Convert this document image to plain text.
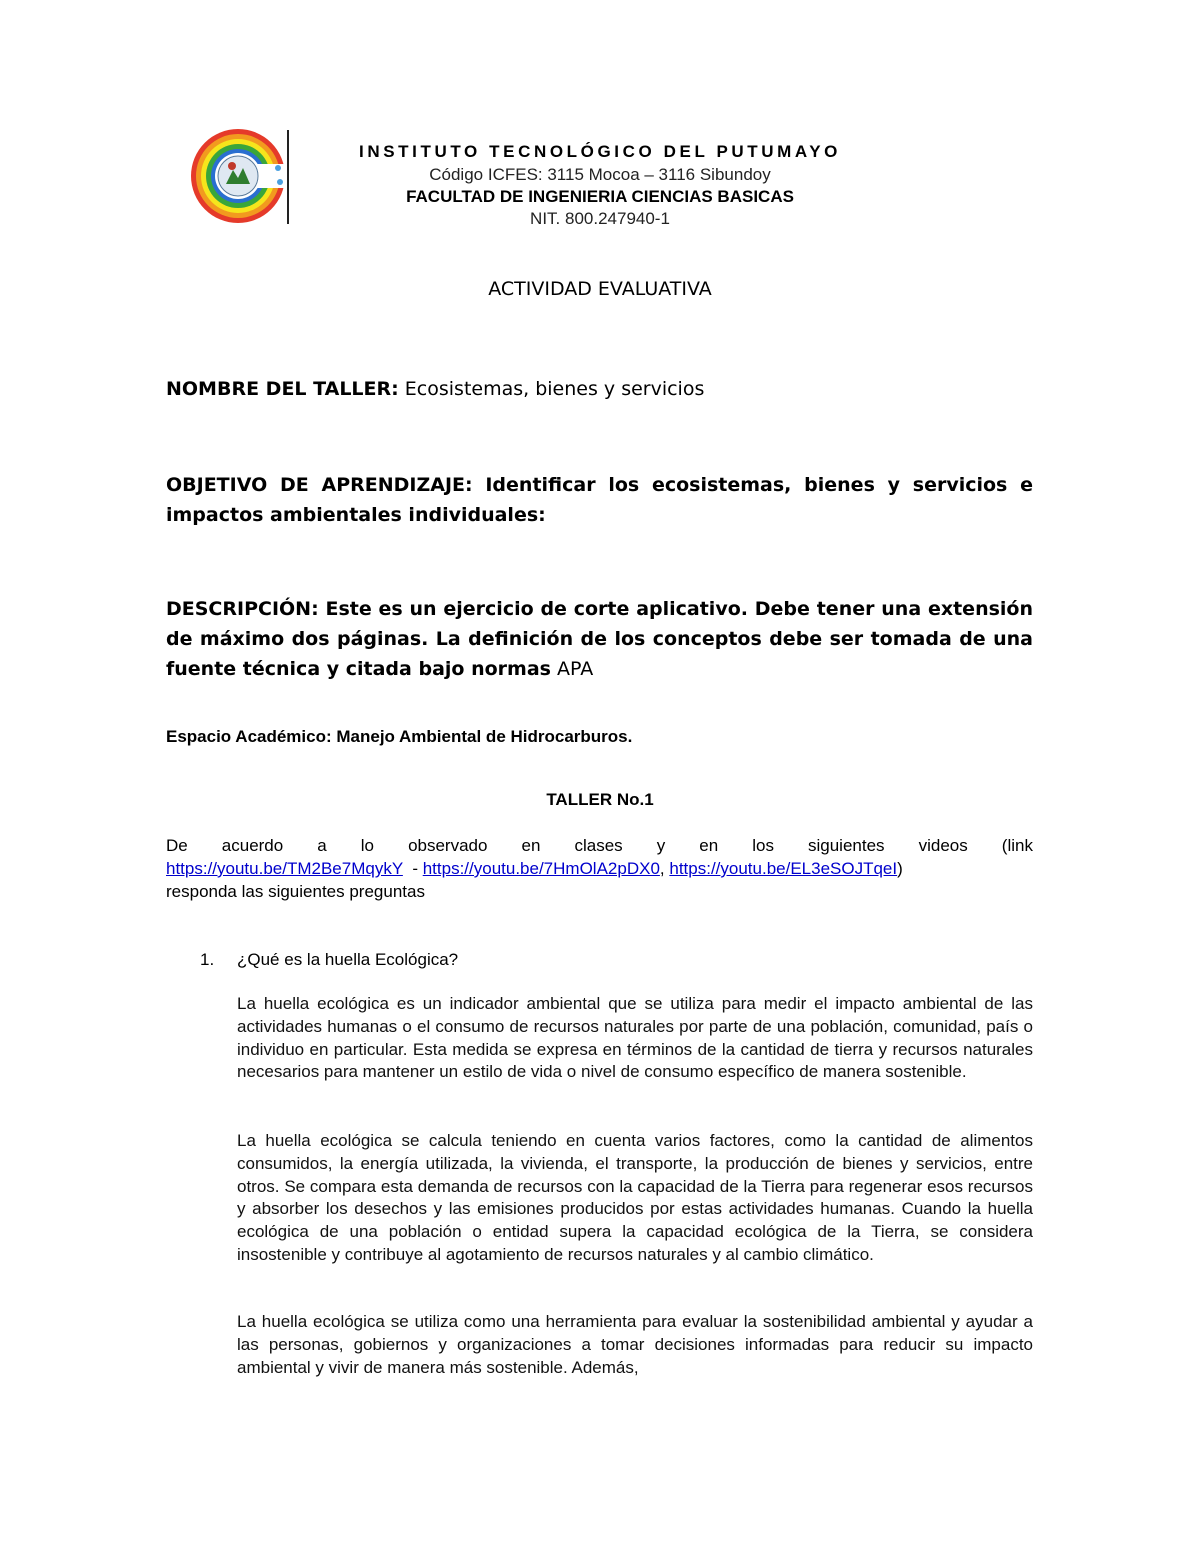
INSTITUTO TECNOLÓGICO DEL PUTUMAYO
Código ICFES: 3115 Mocoa – 3116 Sibundoy
FACULTAD DE INGENIERIA CIENCIAS BASICAS
NIT. 800.247940-1
ACTIVIDAD EVALUATIVA
NOMBRE DEL TALLER: Ecosistemas, bienes y servicios
OBJETIVO DE APRENDIZAJE: Identificar los ecosistemas, bienes y servicios e impactos ambientales individuales:
DESCRIPCIÓN: Este es un ejercicio de corte aplicativo. Debe tener una extensión de máximo dos páginas. La definición de los conceptos debe ser tomada de una fuente técnica y citada bajo normas APA
Espacio Académico: Manejo Ambiental de Hidrocarburos.
TALLER No.1
De acuerdo a lo observado en clases y en los siguientes videos (link
https://youtu.be/TM2Be7MqykY  - https://youtu.be/7HmOlA2pDX0, https://youtu.be/EL3eSOJTqeI)
responda las siguientes preguntas
1. ¿Qué es la huella Ecológica?
La huella ecológica es un indicador ambiental que se utiliza para medir el impacto ambiental de las actividades humanas o el consumo de recursos naturales por parte de una población, comunidad, país o individuo en particular. Esta medida se expresa en términos de la cantidad de tierra y recursos naturales necesarios para mantener un estilo de vida o nivel de consumo específico de manera sostenible.
La huella ecológica se calcula teniendo en cuenta varios factores, como la cantidad de alimentos consumidos, la energía utilizada, la vivienda, el transporte, la producción de bienes y servicios, entre otros. Se compara esta demanda de recursos con la capacidad de la Tierra para regenerar esos recursos y absorber los desechos y las emisiones producidos por estas actividades humanas. Cuando la huella ecológica de una población o entidad supera la capacidad ecológica de la Tierra, se considera insostenible y contribuye al agotamiento de recursos naturales y al cambio climático.
La huella ecológica se utiliza como una herramienta para evaluar la sostenibilidad ambiental y ayudar a las personas, gobiernos y organizaciones a tomar decisiones informadas para reducir su impacto ambiental y vivir de manera más sostenible. Además,
